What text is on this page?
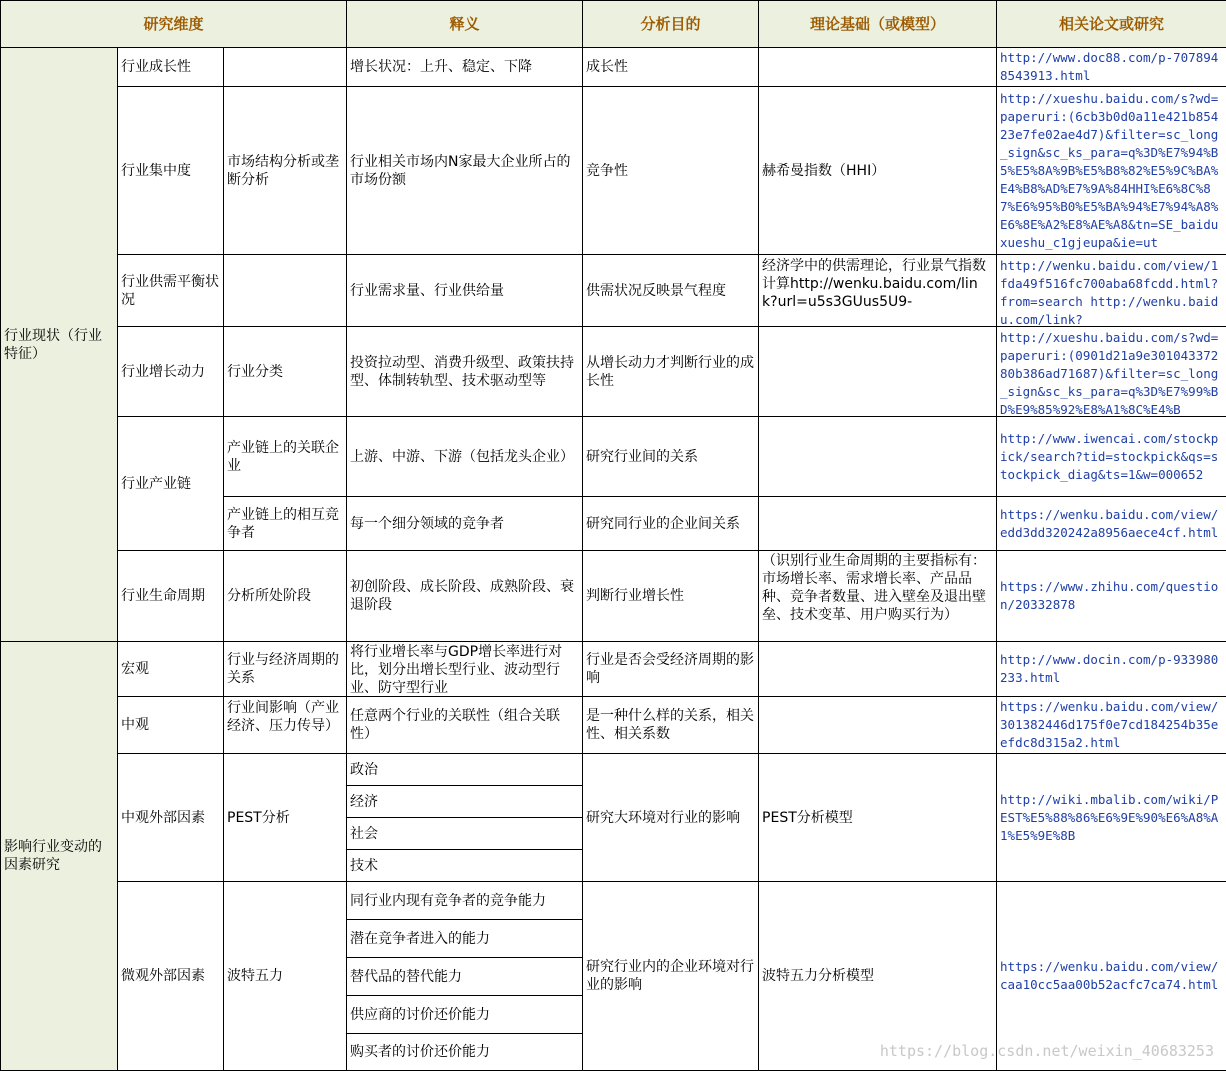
研究维度			释义	分析目的	理论基础（或模型）	相关论文或研究
行业现状（行业特征）	行业成长性		增长状况：上升、稳定、下降	成长性		http://www.doc88.com/p-7078948543913.html
	行业集中度	市场结构分析或垄断分析	行业相关市场内N家最大企业所占的市场份额	竞争性	赫希曼指数（HHI）	http://xueshu.baidu.com/s?wd=paperuri:(6cb3b0d0a11e421b85423e7fe02ae4d7)&filter=sc_long_sign&sc_ks_para=q%3D%E7%94%B5%E5%8A%9B%E5%B8%82%E5%9C%BA%E4%B8%AD%E7%9A%84HHI%E6%8C%87%E6%95%B0%E5%BA%94%E7%94%A8%E6%8E%A2%E8%AE%A8&tn=SE_baiduxueshu_c1gjeupa&ie=ut

	行业供需平衡状况		行业需求量、行业供给量	供需状况反映景气程度	经济学中的供需理论，行业景气指数计算http://wenku.baidu.com/link?url=u5s3GUus5U9-	http://wenku.baidu.com/view/1fda49f516fc700aba68fcdd.html?from=search http://wenku.baidu.com/link?

	行业增长动力	行业分类	投资拉动型、消费升级型、政策扶持型、体制转轨型、技术驱动型等	从增长动力才判断行业的成长性		http://xueshu.baidu.com/s?wd=paperuri:(0901d21a9e30104337280b386ad71687)&filter=sc_long_sign&sc_ks_para=q%3D%E7%99%BD%E9%85%92%E8%A1%8C%E4%B

	行业产业链	产业链上的关联企业	上游、中游、下游（包括龙头企业）	研究行业间的关系		http://www.iwencai.com/stockpick/search?tid=stockpick&qs=stockpick_diag&ts=1&w=000652
		产业链上的相互竞争者	每一个细分领域的竞争者	研究同行业的企业间关系		https://wenku.baidu.com/view/edd3dd320242a8956aece4cf.html
	行业生命周期	分析所处阶段	初创阶段、成长阶段、成熟阶段、衰退阶段	判断行业增长性	（识别行业生命周期的主要指标有：市场增长率、需求增长率、产品品种、竞争者数量、进入壁垒及退出壁垒、技术变革、用户购买行为）	https://www.zhihu.com/question/20332878
影响行业变动的因素研究	宏观	行业与经济周期的关系	将行业增长率与GDP增长率进行对比，划分出增长型行业、波动型行业、防守型行业	行业是否会受经济周期的影响		http://www.docin.com/p-933980233.html
	中观	行业间影响（产业经济、压力传导）	任意两个行业的关联性（组合关联性）	是一种什么样的关系，相关性、相关系数		https://wenku.baidu.com/view/301382446d175f0e7cd184254b35eefdc8d315a2.html
	中观外部因素	PEST分析	政治	研究大环境对行业的影响	PEST分析模型	http://wiki.mbalib.com/wiki/PEST%E5%88%86%E6%9E%90%E6%A8%A1%E5%9E%8B
			经济			
			社会			
			技术			
	微观外部因素	波特五力	同行业内现有竞争者的竞争能力	研究行业内的企业环境对行业的影响	波特五力分析模型	https://wenku.baidu.com/view/caa10cc5aa00b52acfc7ca74.html
			潜在竞争者进入的能力			
			替代品的替代能力			
			供应商的讨价还价能力			
			购买者的讨价还价能力				https://blog.csdn.net/weixin_40683253
